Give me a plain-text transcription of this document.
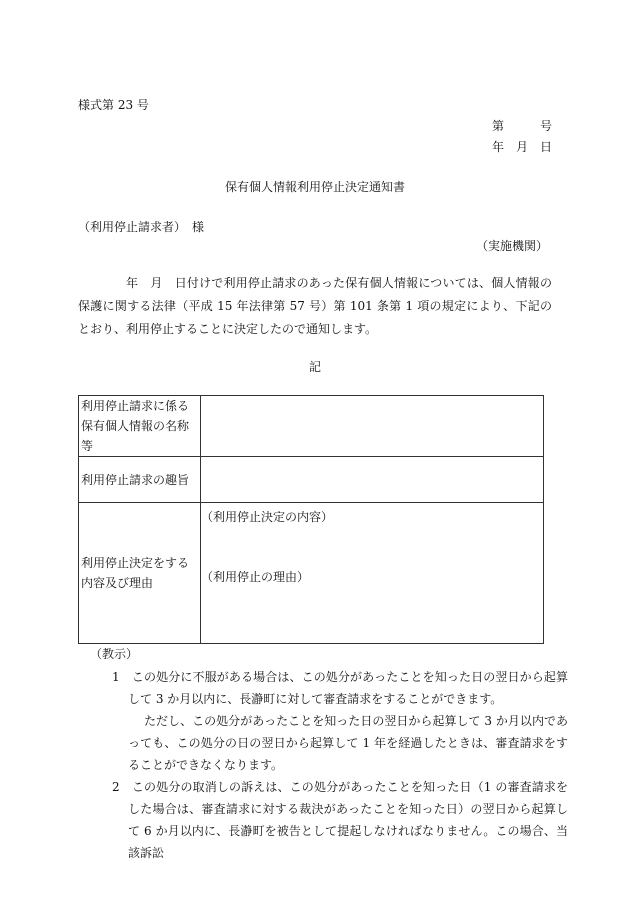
様式第 23 号
第	号
年 月 日
保有個人情報利用停止決定通知書
（利用停止請求者）　様
（実施機関）

年　月　日付けで利用停止請求のあった保有個人情報については、個人情報の保護に関する法律（平成 15 年法律第 57 号）第 101 条第 1 項の規定により、下記のとおり、利用停止することに決定したので通知します。

記
利用停止請求に係る保有個人情報の名称等	
利用停止請求の趣旨	
利用停止決定をする内容及び理由	（利用停止決定の内容）
（利用停止の理由）
（教示）
1　この処分に不服がある場合は、この処分があったことを知った日の翌日から起算して 3 か月以内に、長瀞町に対して審査請求をすることができます。
ただし、この処分があったことを知った日の翌日から起算して 3 か月以内であっても、この処分の日の翌日から起算して 1 年を経過したときは、審査請求をすることができなくなります。
2　この処分の取消しの訴えは、この処分があったことを知った日（1 の審査請求をした場合は、審査請求に対する裁決があったことを知った日）の翌日から起算して 6 か月以内に、長瀞町を被告として提起しなければなりません。この場合、当該訴訟
